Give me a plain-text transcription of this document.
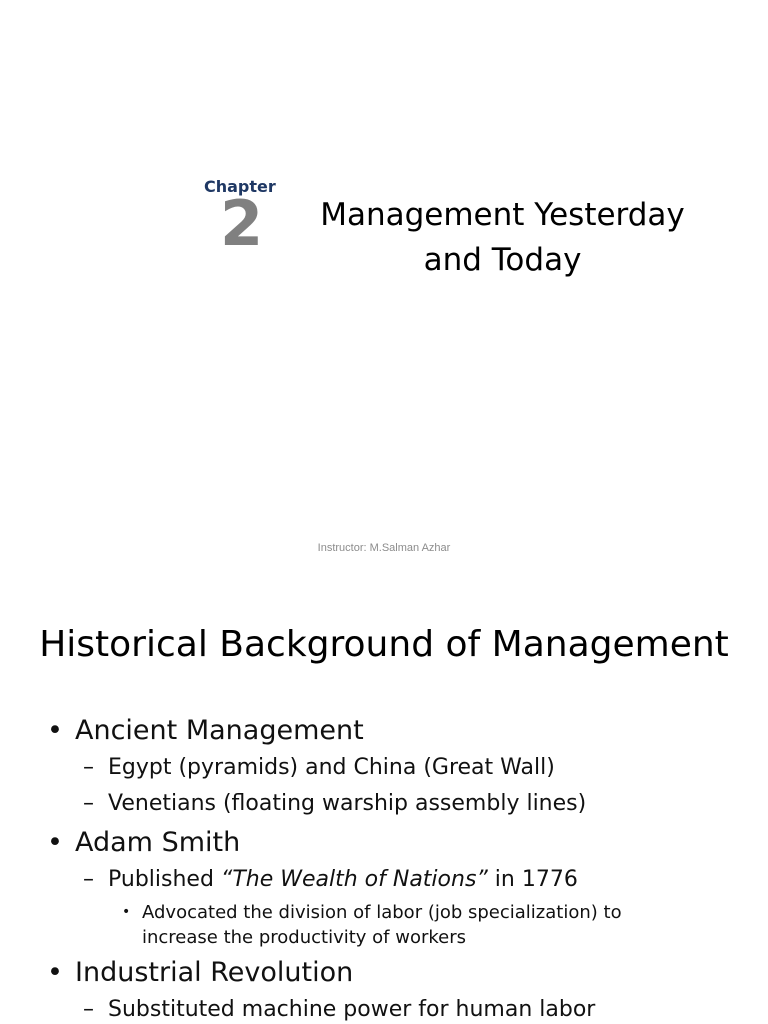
Chapter
2	Management Yesterday
and Today
Instructor: M.Salman Azhar
Historical Background of Management
• Ancient Management
– Egypt (pyramids) and China (Great Wall)
– Venetians (floating warship assembly lines)
• Adam Smith
– Published “The Wealth of Nations” in 1776
• Advocated the division of labor (job specialization) to increase the productivity of workers
• Industrial Revolution
– Substituted machine power for human labor
